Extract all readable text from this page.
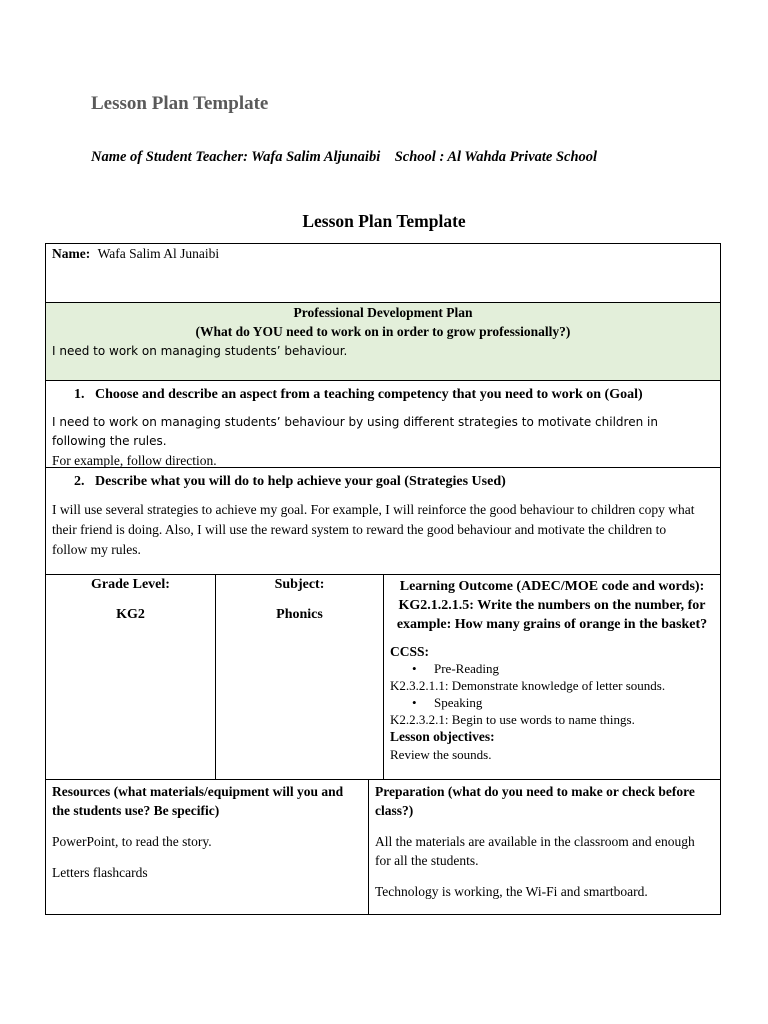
Lesson Plan Template
Name of Student Teacher: Wafa Salim Aljunaibi    School : Al Wahda Private School
Lesson Plan Template
Name: Wafa Salim Al Junaibi
Professional Development Plan
(What do YOU need to work on in order to grow professionally?)
I need to work on managing students’ behaviour.
1.   Choose and describe an aspect from a teaching competency that you need to work on (Goal)
I need to work on managing students’ behaviour by using different strategies to motivate children in following the rules.
For example, follow direction.
2.   Describe what you will do to help achieve your goal (Strategies Used)
I will use several strategies to achieve my goal. For example, I will reinforce the good behaviour to children copy what
their friend is doing. Also, I will use the reward system to reward the good behaviour and motivate the children to
follow my rules.
Grade Level:
KG2
Subject:
Phonics
Learning Outcome (ADEC/MOE code and words):
KG2.1.2.1.5: Write the numbers on the number, for
example: How many grains of orange in the basket?
CCSS:
• Pre-Reading
K2.3.2.1.1: Demonstrate knowledge of letter sounds.
• Speaking
K2.2.3.2.1: Begin to use words to name things.
Lesson objectives:
Review the sounds.
Resources (what materials/equipment will you and
the students use? Be specific)
PowerPoint, to read the story.
Letters flashcards
Preparation (what do you need to make or check before
class?)
All the materials are available in the classroom and enough
for all the students.
Technology is working, the Wi-Fi and smartboard.
